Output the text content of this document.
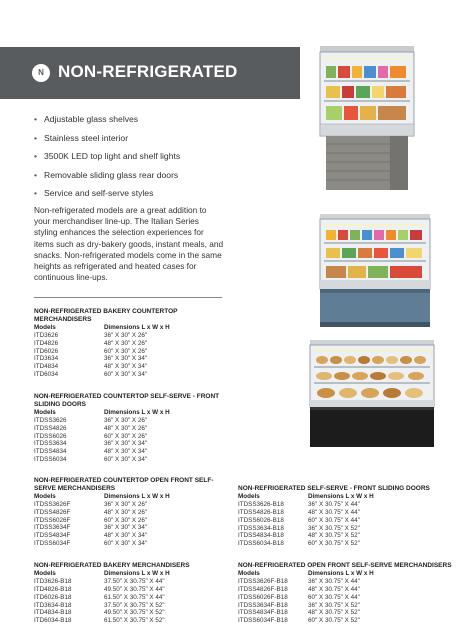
N NON-REFRIGERATED
• Adjustable glass shelves
• Stainless steel interior
• 3500K LED top light and shelf lights
• Removable sliding glass rear doors
• Service and self-serve styles

Non-refrigerated models are a great addition to your merchandiser line-up. The Italian Series styling enhances the selection experiences for items such as dry-bakery goods, instant meals, and snacks. Non-refrigerated models come in the same heights as refrigerated and heated cases for continuous line-ups.

NON-REFRIGERATED BAKERY COUNTERTOP MERCHANDISERS
Models	Dimensions L x W x H
ITD3626	36" X 30" X 26"
ITD4826	48" X 30" X 26"
ITD6026	60" X 30" X 26"
ITD3634	36" X 30" X 34"
ITD4834	48" X 30" X 34"
ITD6034	60" X 30" X 34"
NON-REFRIGERATED COUNTERTOP SELF-SERVE - FRONT SLIDING DOORS
Models	Dimensions L x W x H
ITDSS3626	36" X 30" X 26"
ITDSS4826	48" X 30" X 26"
ITDSS6026	60" X 30" X 26"
ITDSS3634	36" X 30" X 34"
ITDSS4834	48" X 30" X 34"
ITDSS6034	60" X 30" X 34"
NON-REFRIGERATED COUNTERTOP OPEN FRONT SELF-SERVE MERCHANDISERS
Models	Dimensions L x W x H
ITDSS3626F	36" X 30" X 26"
ITDSS4826F	48" X 30" X 26"
ITDSS6026F	60" X 30" X 26"
ITDSS3634F	36" X 30" X 34"
ITDSS4834F	48" X 30" X 34"
ITDSS6034F	60" X 30" X 34"
NON-REFRIGERATED BAKERY MERCHANDISERS
Models	Dimensions L x W x H
ITD3626-B18	37.50" X 30.75" X 44"
ITD4826-B18	49.50" X 30.75" X 44"
ITD6026-B18	61.50" X 30.75" X 44"
ITD3634-B18	37.50" X 30.75" X 52"
ITD4834-B18	49.50" X 30.75" X 52"
ITD6034-B18	61.50" X 30.75" X 52"
NON-REFRIGERATED SELF-SERVE - FRONT SLIDING DOORS
Models	Dimensions L x W x H
ITDSS3626-B18	36" X 30.75" X 44"
ITDSS4826-B18	48" X 30.75" X 44"
ITDSS6026-B18	60" X 30.75" X 44"
ITDSS3634-B18	36" X 30.75" X 52"
ITDSS4834-B18	48" X 30.75" X 52"
ITDSS6034-B18	60" X 30.75" X 52"
NON-REFRIGERATED OPEN FRONT SELF-SERVE MERCHANDISERS
Models	Dimensions L x W x H
ITDSS3626F-B18	36" X 30.75" X 44"
ITDSS4826F-B18	48" X 30.75" X 44"
ITDSS6026F-B18	60" X 30.75" X 44"
ITDSS3634F-B18	36" X 30.75" X 52"
ITDSS4834F-B18	48" X 30.75" X 52"
ITDSS6034F-B18	60" X 30.75" X 52"
